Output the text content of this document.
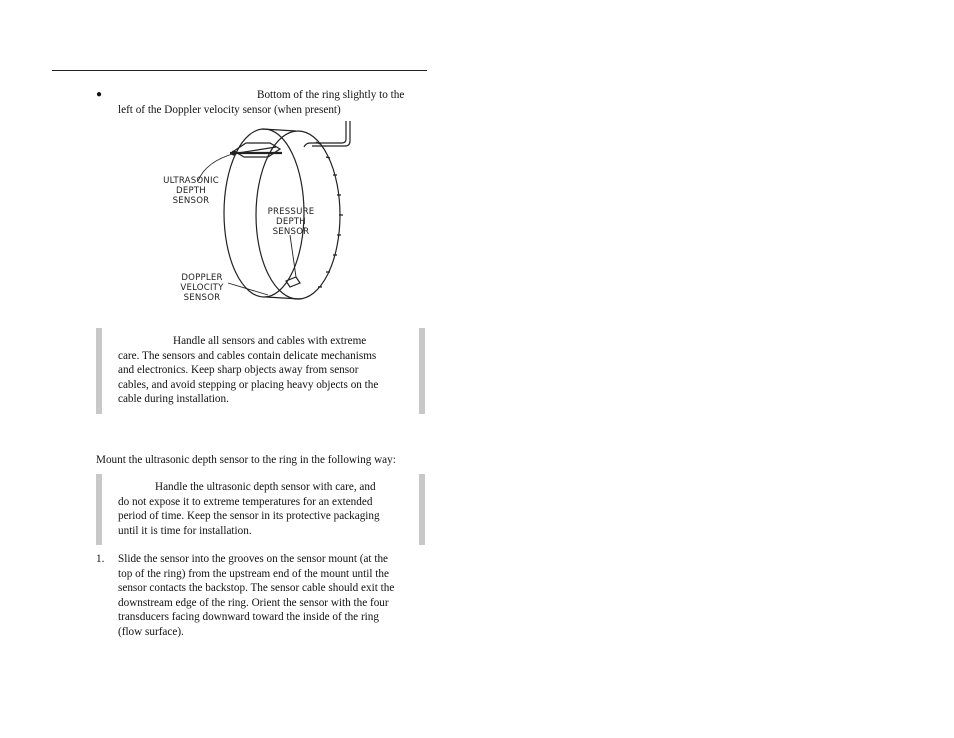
●	Bottom of the ring slightly to the
left of the Doppler velocity sensor (when present)
ULTRASONIC
DEPTH
SENSOR
PRESSURE
DEPTH
SENSOR
DOPPLER
VELOCITY
SENSOR
Handle all sensors and cables with extreme
care. The sensors and cables contain delicate mechanisms
and electronics. Keep sharp objects away from sensor
cables, and avoid stepping or placing heavy objects on the
cable during installation.
Mount the ultrasonic depth sensor to the ring in the following way:
Handle the ultrasonic depth sensor with care, and
do not expose it to extreme temperatures for an extended
period of time. Keep the sensor in its protective packaging
until it is time for installation.
1. Slide the sensor into the grooves on the sensor mount (at the
top of the ring) from the upstream end of the mount until the
sensor contacts the backstop. The sensor cable should exit the
downstream edge of the ring. Orient the sensor with the four
transducers facing downward toward the inside of the ring
(flow surface).
